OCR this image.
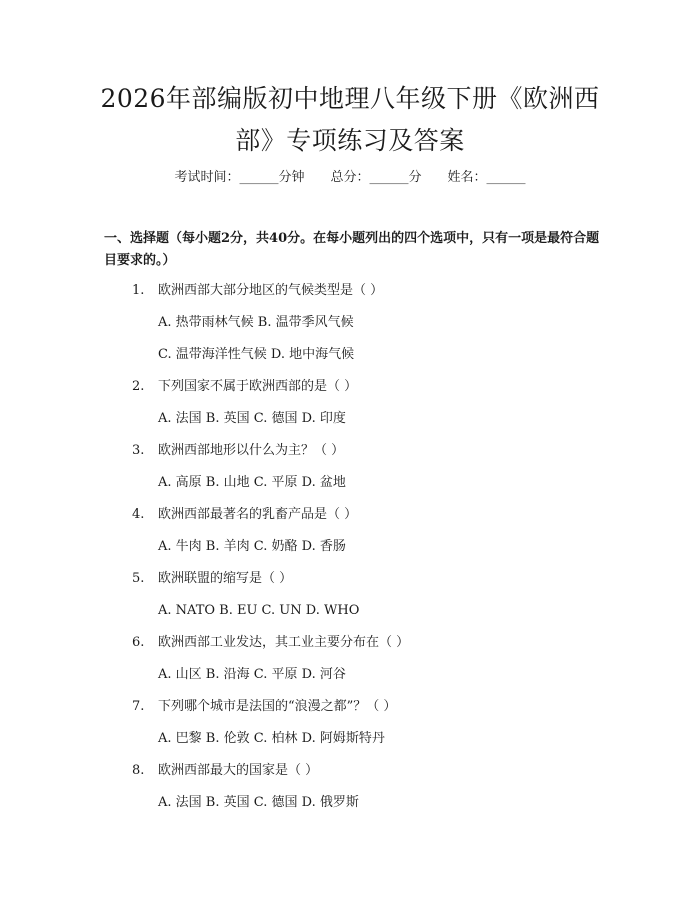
2026年部编版初中地理八年级下册《欧洲西
部》专项练习及答案
考试时间：______分钟 总分：______分 姓名：______
一、选择题（每小题2分，共40分。在每小题列出的四个选项中，只有一项是最符合题目要求的。）
1. 欧洲西部大部分地区的气候类型是（ ）
A. 热带雨林气候 B. 温带季风气候
C. 温带海洋性气候 D. 地中海气候
2. 下列国家不属于欧洲西部的是（ ）
A. 法国 B. 英国 C. 德国 D. 印度
3. 欧洲西部地形以什么为主？（ ）
A. 高原 B. 山地 C. 平原 D. 盆地
4. 欧洲西部最著名的乳畜产品是（ ）
A. 牛肉 B. 羊肉 C. 奶酪 D. 香肠
5. 欧洲联盟的缩写是（ ）
A. NATO B. EU C. UN D. WHO
6. 欧洲西部工业发达，其工业主要分布在（ ）
A. 山区 B. 沿海 C. 平原 D. 河谷
7. 下列哪个城市是法国的“浪漫之都”？（ ）
A. 巴黎 B. 伦敦 C. 柏林 D. 阿姆斯特丹
8. 欧洲西部最大的国家是（ ）
A. 法国 B. 英国 C. 德国 D. 俄罗斯
